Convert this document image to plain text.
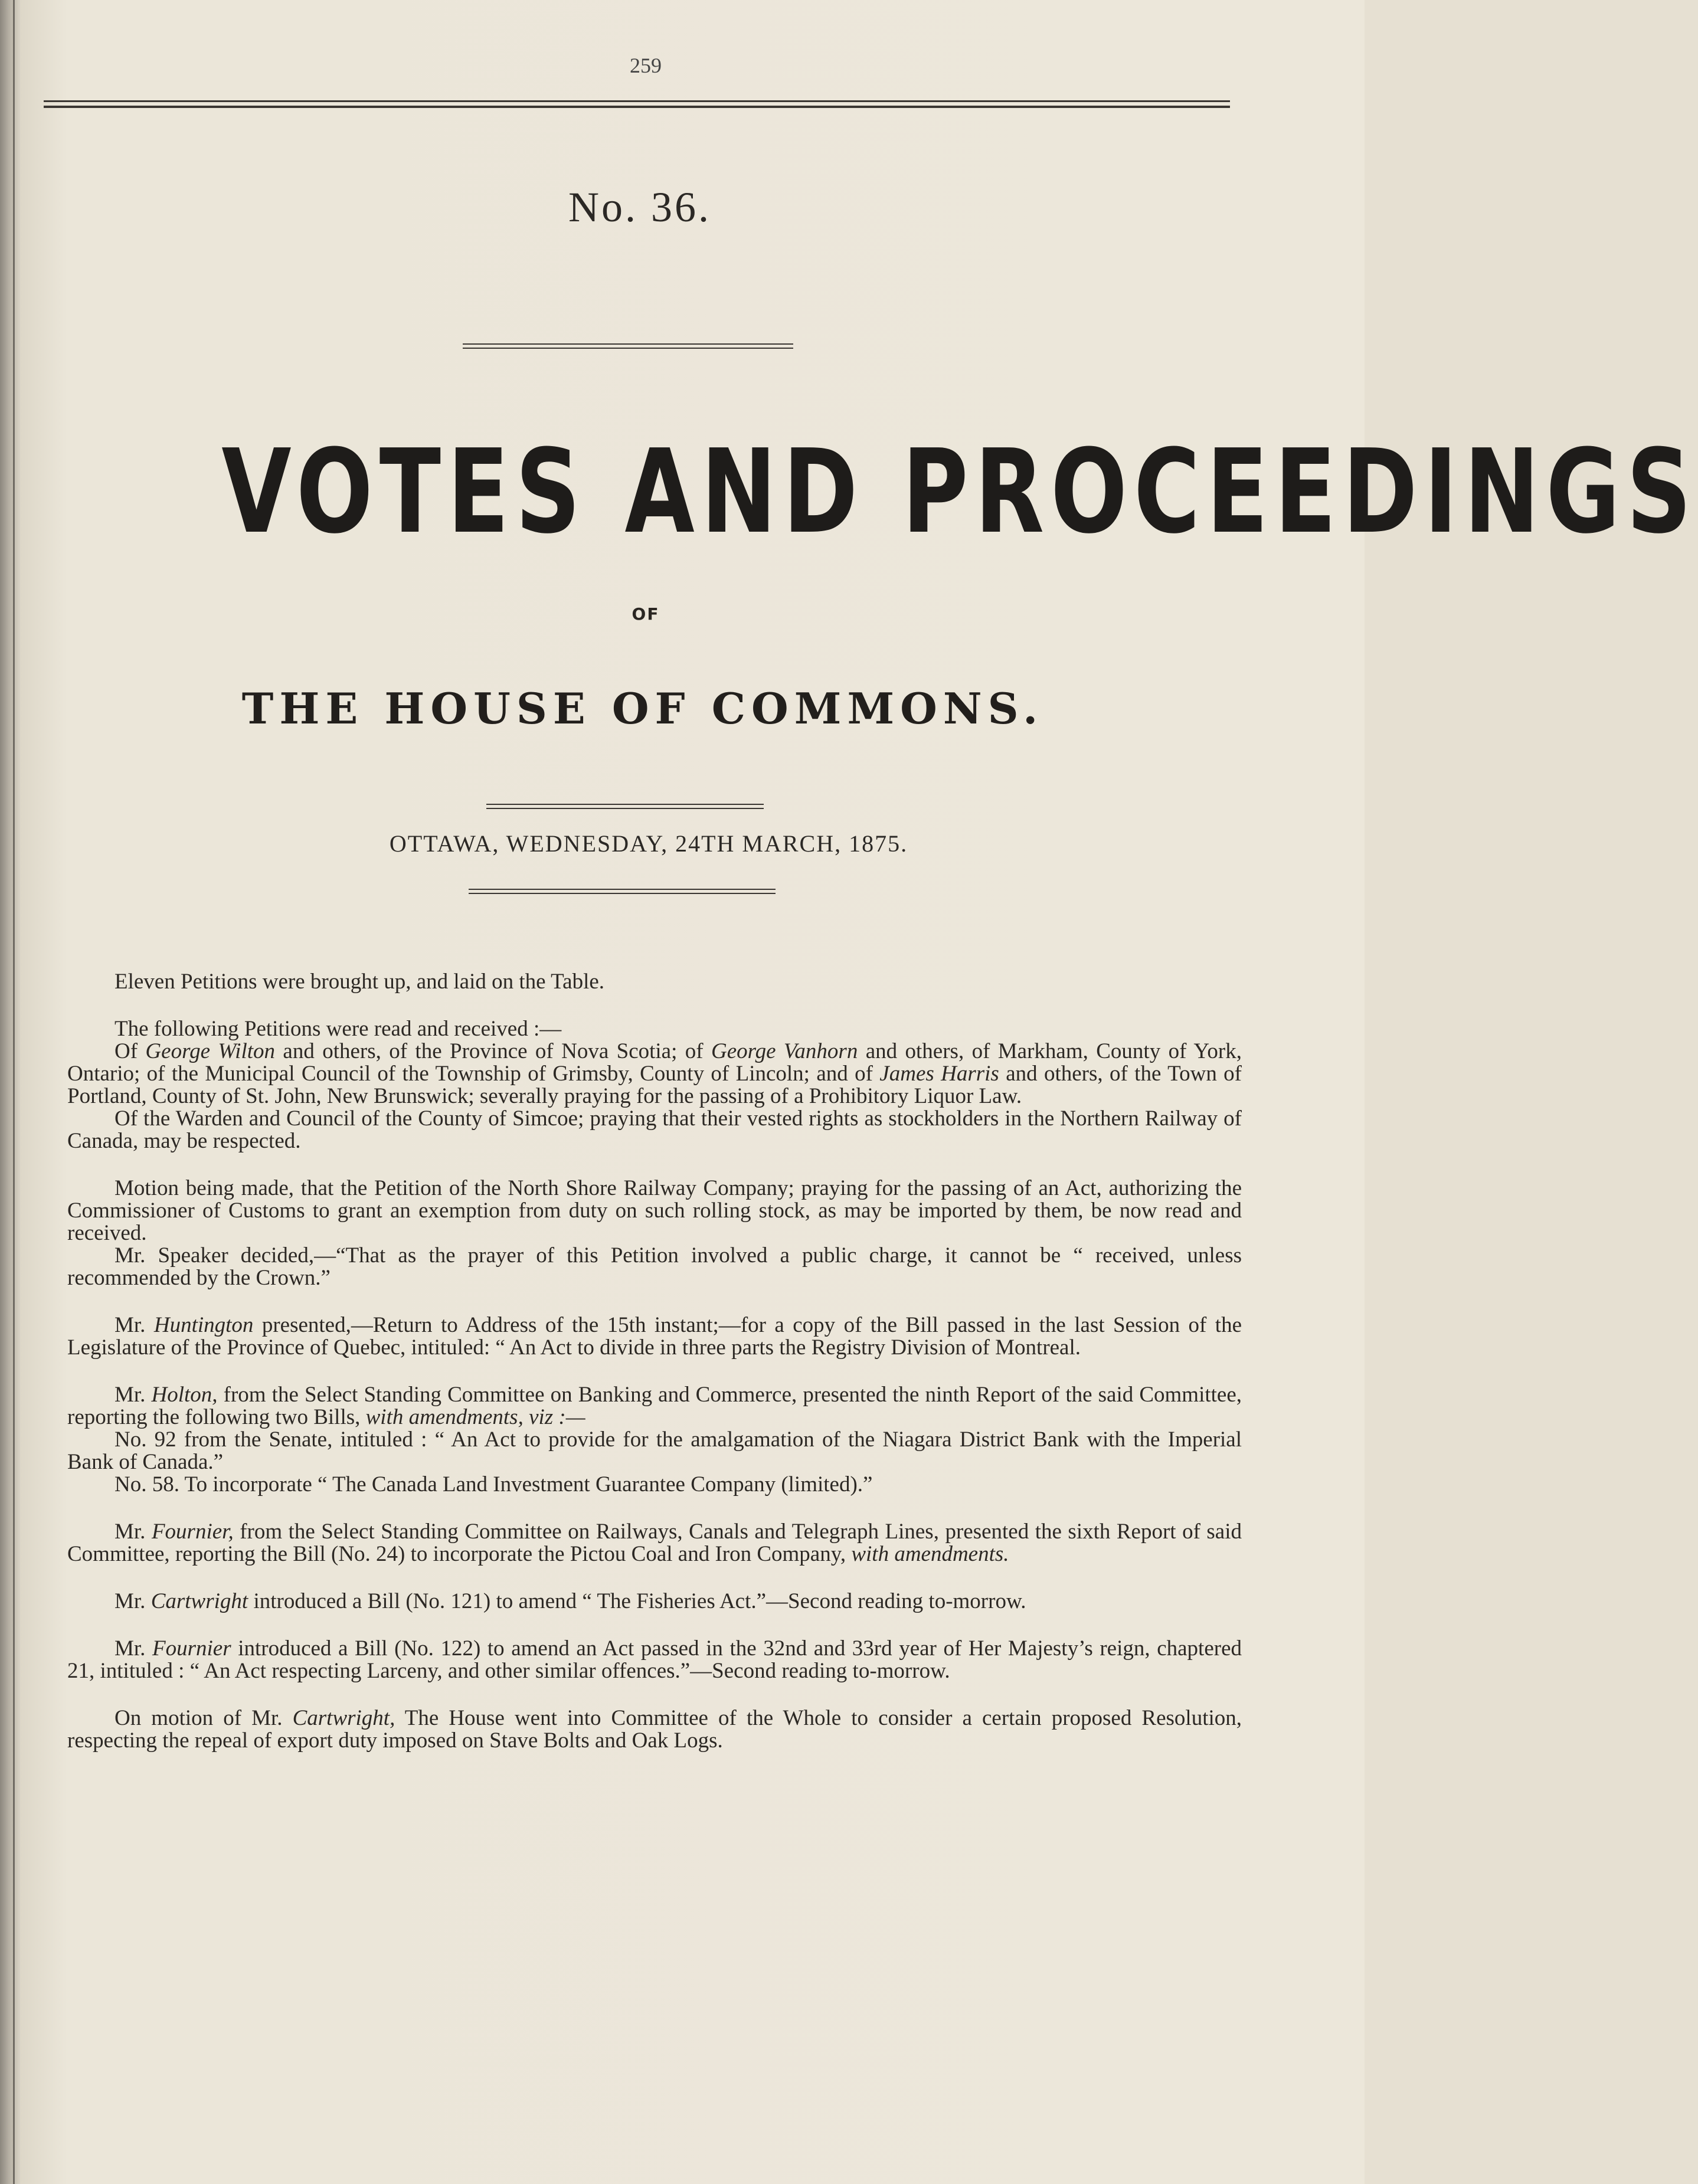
259
No. 36.
VOTES AND PROCEEDINGS
OF
THE HOUSE OF COMMONS.
OTTAWA, WEDNESDAY, 24TH MARCH, 1875.

Eleven Petitions were brought up, and laid on the Table.

The following Petitions were read and received :—

Of George Wilton and others, of the Province of Nova Scotia; of George Vanhorn and others, of Markham, County of York, Ontario; of the Municipal Council of the Township of Grimsby, County of Lincoln; and of James Harris and others, of the Town of Portland, County of St. John, New Brunswick; severally praying for the passing of a Prohibitory Liquor Law.

Of the Warden and Council of the County of Simcoe; praying that their vested rights as stockholders in the Northern Railway of Canada, may be respected.

Motion being made, that the Petition of the North Shore Railway Company; praying for the passing of an Act, authorizing the Commissioner of Customs to grant an exemption from duty on such rolling stock, as may be imported by them, be now read and received.

Mr. Speaker decided,—“That as the prayer of this Petition involved a public charge, it cannot be “ received, unless recommended by the Crown.”

Mr. Huntington presented,—Return to Address of the 15th instant;—for a copy of the Bill passed in the last Session of the Legislature of the Province of Quebec, intituled: “ An Act to divide in three parts the Registry Division of Montreal.

Mr. Holton, from the Select Standing Committee on Banking and Commerce, presented the ninth Report of the said Committee, reporting the following two Bills, with amendments, viz :—

No. 92 from the Senate, intituled : “ An Act to provide for the amalgamation of the Niagara District Bank with the Imperial Bank of Canada.”

No. 58. To incorporate “ The Canada Land Investment Guarantee Company (limited).”

Mr. Fournier, from the Select Standing Committee on Railways, Canals and Telegraph Lines, presented the sixth Report of said Committee, reporting the Bill (No. 24) to incorporate the Pictou Coal and Iron Company, with amendments.

Mr. Cartwright introduced a Bill (No. 121) to amend “ The Fisheries Act.”—Second reading to-morrow.

Mr. Fournier introduced a Bill (No. 122) to amend an Act passed in the 32nd and 33rd year of Her Majesty’s reign, chaptered 21, intituled : “ An Act respecting Larceny, and other similar offences.”—Second reading to-morrow.

On motion of Mr. Cartwright, The House went into Committee of the Whole to consider a certain proposed Resolution, respecting the repeal of export duty imposed on Stave Bolts and Oak Logs.
